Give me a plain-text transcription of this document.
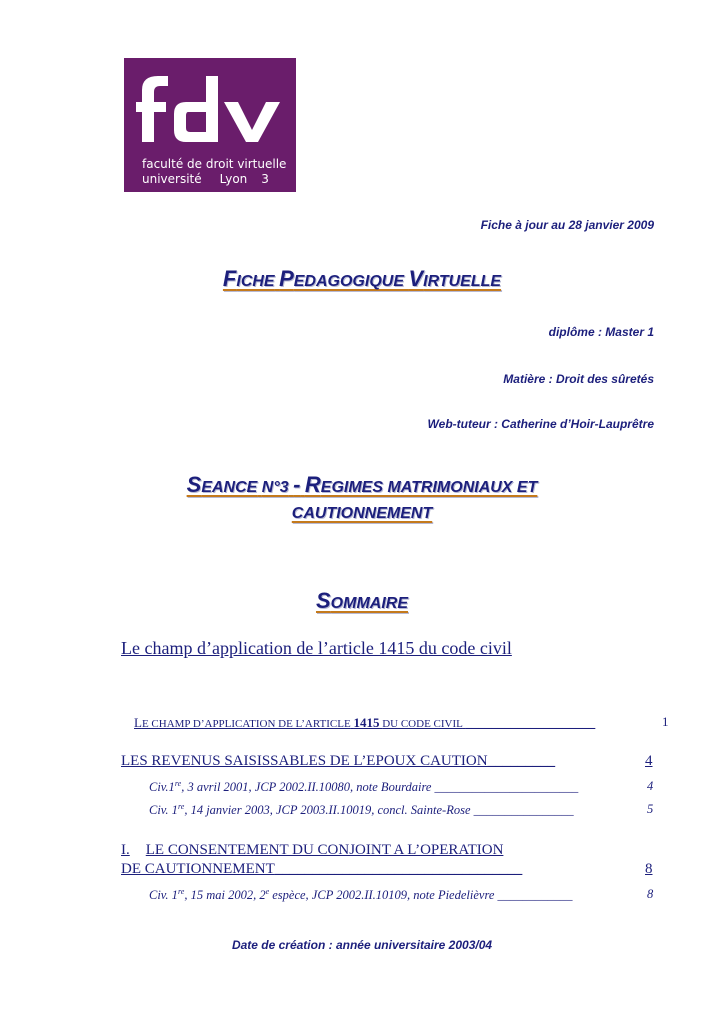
faculté de droit virtuelle
université Lyon 3
Fiche à jour au 28 janvier 2009
FICHE PEDAGOGIQUE VIRTUELLE
diplôme : Master 1
Matière : Droit des sûretés
Web-tuteur : Catherine d’Hoir-Lauprêtre
SEANCE N°3 - REGIMES MATRIMONIAUX ET
CAUTIONNEMENT
SOMMAIRE
Le champ d’application de l’article 1415 du code civil
LE CHAMP D’APPLICATION DE L’ARTICLE 1415 DU CODE CIVIL ____________________	1
LES REVENUS SAISISSABLES DE L’EPOUX CAUTION_________	4
Civ.1re, 3 avril 2001, JCP 2002.II.10080, note Bourdaire _______________________	4
Civ. 1re, 14 janvier 2003, JCP 2003.II.10019, concl. Sainte-Rose ________________	5
I. LE CONSENTEMENT DU CONJOINT A L’OPERATION
DE CAUTIONNEMENT_________________________________	8
Civ. 1re, 15 mai 2002, 2e espèce, JCP 2002.II.10109, note Piedelièvre ____________	8
Date de création : année universitaire 2003/04
